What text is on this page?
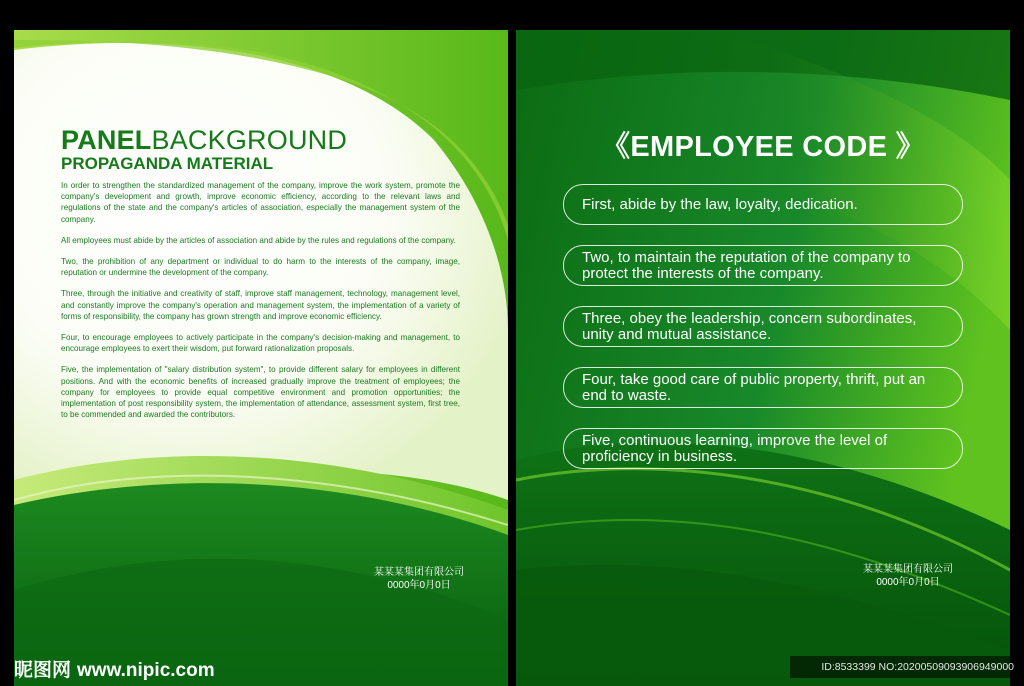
PANELBACKGROUND
PROPAGANDA MATERIAL

In order to strengthen the standardized management of the company, improve the work system, promote the company's development and growth, improve economic efficiency, according to the relevant laws and regulations of the state and the company's articles of association, especially the management system of the company.

All employees must abide by the articles of association and abide by the rules and regulations of the company.

Two, the prohibition of any department or individual to do harm to the interests of the company, image, reputation or undermine the development of the company.

Three, through the initiative and creativity of staff, improve staff management, technology, management level, and constantly improve the company's operation and management system, the implementation of a variety of forms of responsibility, the company has grown strength and improve economic efficiency.

Four, to encourage employees to actively participate in the company's decision-making and management, to encourage employees to exert their wisdom, put forward rationalization proposals.

Five, the implementation of "salary distribution system", to provide different salary for employees in different positions. And with the economic benefits of increased gradually improve the treatment of employees; the company for employees to provide equal competitive environment and promotion opportunities; the implementation of post responsibility system, the implementation of attendance, assessment system, first tree, to be commended and awarded the contributors.

某某某集团有限公司
0000年0月0日
《EMPLOYEE CODE 》
First, abide by the law, loyalty, dedication.
Two, to maintain the reputation of the company to protect the interests of the company.
Three, obey the leadership, concern subordinates, unity and mutual assistance.
Four, take good care of public property, thrift, put an end to waste.
Five, continuous learning, improve the level of proficiency in business.
某某某集团有限公司
0000年0月0日
昵图网 www.nipic.com	ID:8533399 NO:20200509093906949000
